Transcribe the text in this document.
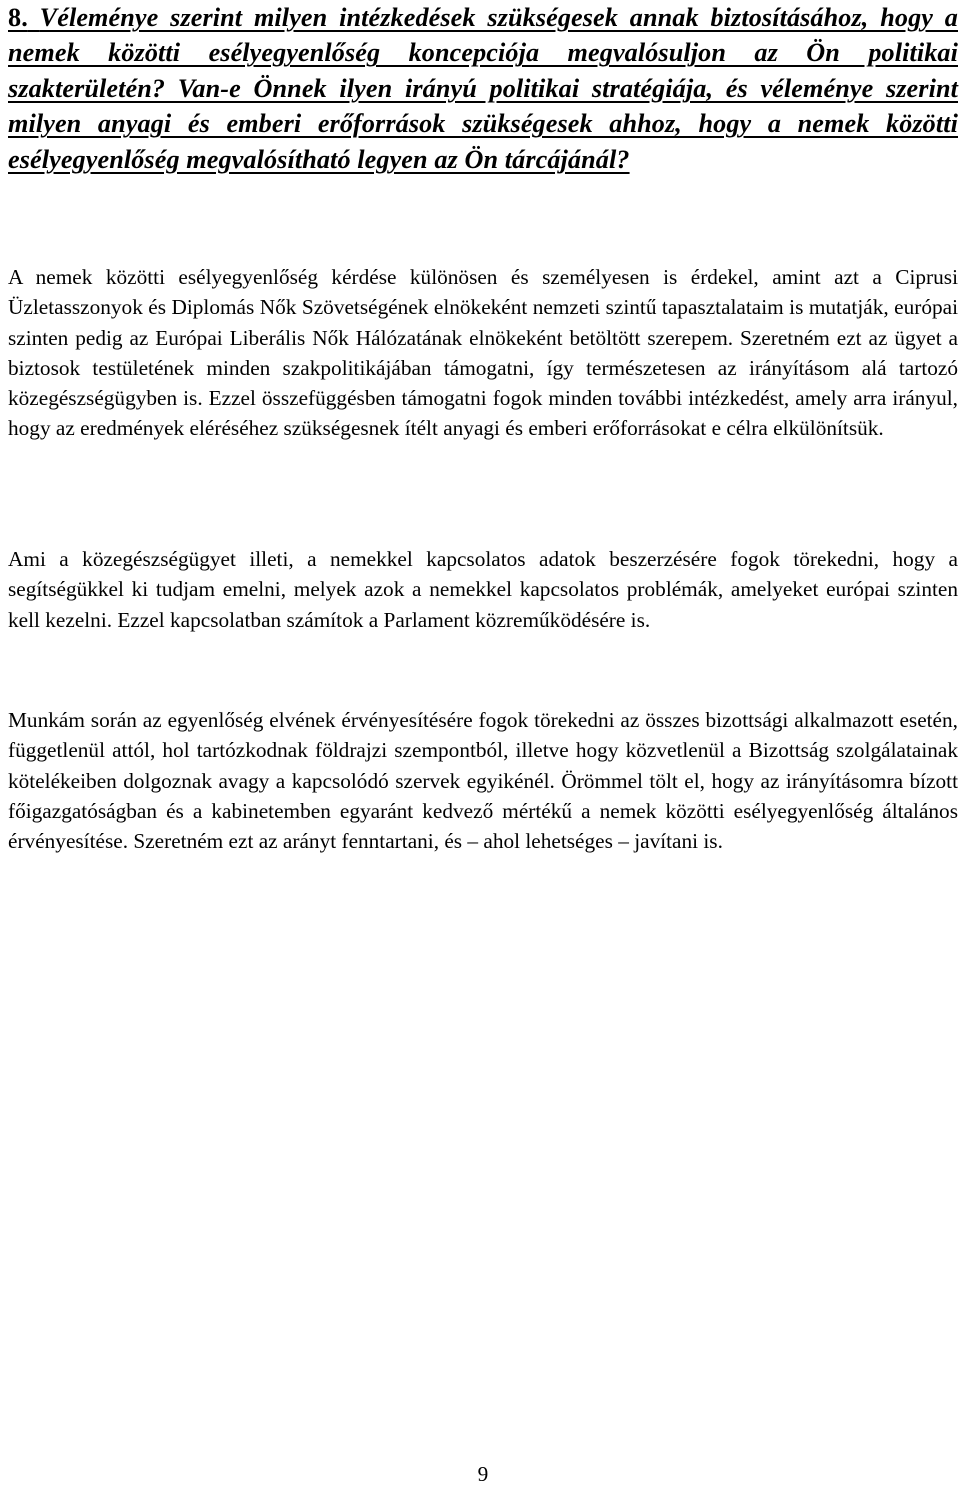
8. Véleménye szerint milyen intézkedések szükségesek annak biztosításához, hogy a nemek közötti esélyegyenlőség koncepciója megvalósuljon az Ön politikai szakterületén? Van-e Önnek ilyen irányú politikai stratégiája, és véleménye szerint milyen anyagi és emberi erőforrások szükségesek ahhoz, hogy a nemek közötti esélyegyenlőség megvalósítható legyen az Ön tárcájánál?

A nemek közötti esélyegyenlőség kérdése különösen és személyesen is érdekel, amint azt a Ciprusi Üzletasszonyok és Diplomás Nők Szövetségének elnökeként nemzeti szintű tapasztalataim is mutatják, európai szinten pedig az Európai Liberális Nők Hálózatának elnökeként betöltött szerepem. Szeretném ezt az ügyet a biztosok testületének minden szakpolitikájában támogatni, így természetesen az irányításom alá tartozó közegészségügyben is. Ezzel összefüggésben támogatni fogok minden további intézkedést, amely arra irányul, hogy az eredmények eléréséhez szükségesnek ítélt anyagi és emberi erőforrásokat e célra elkülönítsük.

Ami a közegészségügyet illeti, a nemekkel kapcsolatos adatok beszerzésére fogok törekedni, hogy a segítségükkel ki tudjam emelni, melyek azok a nemekkel kapcsolatos problémák, amelyeket európai szinten kell kezelni. Ezzel kapcsolatban számítok a Parlament közreműködésére is.

Munkám során az egyenlőség elvének érvényesítésére fogok törekedni az összes bizottsági alkalmazott esetén, függetlenül attól, hol tartózkodnak földrajzi szempontból, illetve hogy közvetlenül a Bizottság szolgálatainak kötelékeiben dolgoznak avagy a kapcsolódó szervek egyikénél. Örömmel tölt el, hogy az irányításomra bízott főigazgatóságban és a kabinetemben egyaránt kedvező mértékű a nemek közötti esélyegyenlőség általános érvényesítése. Szeretném ezt az arányt fenntartani, és – ahol lehetséges – javítani is.

9
